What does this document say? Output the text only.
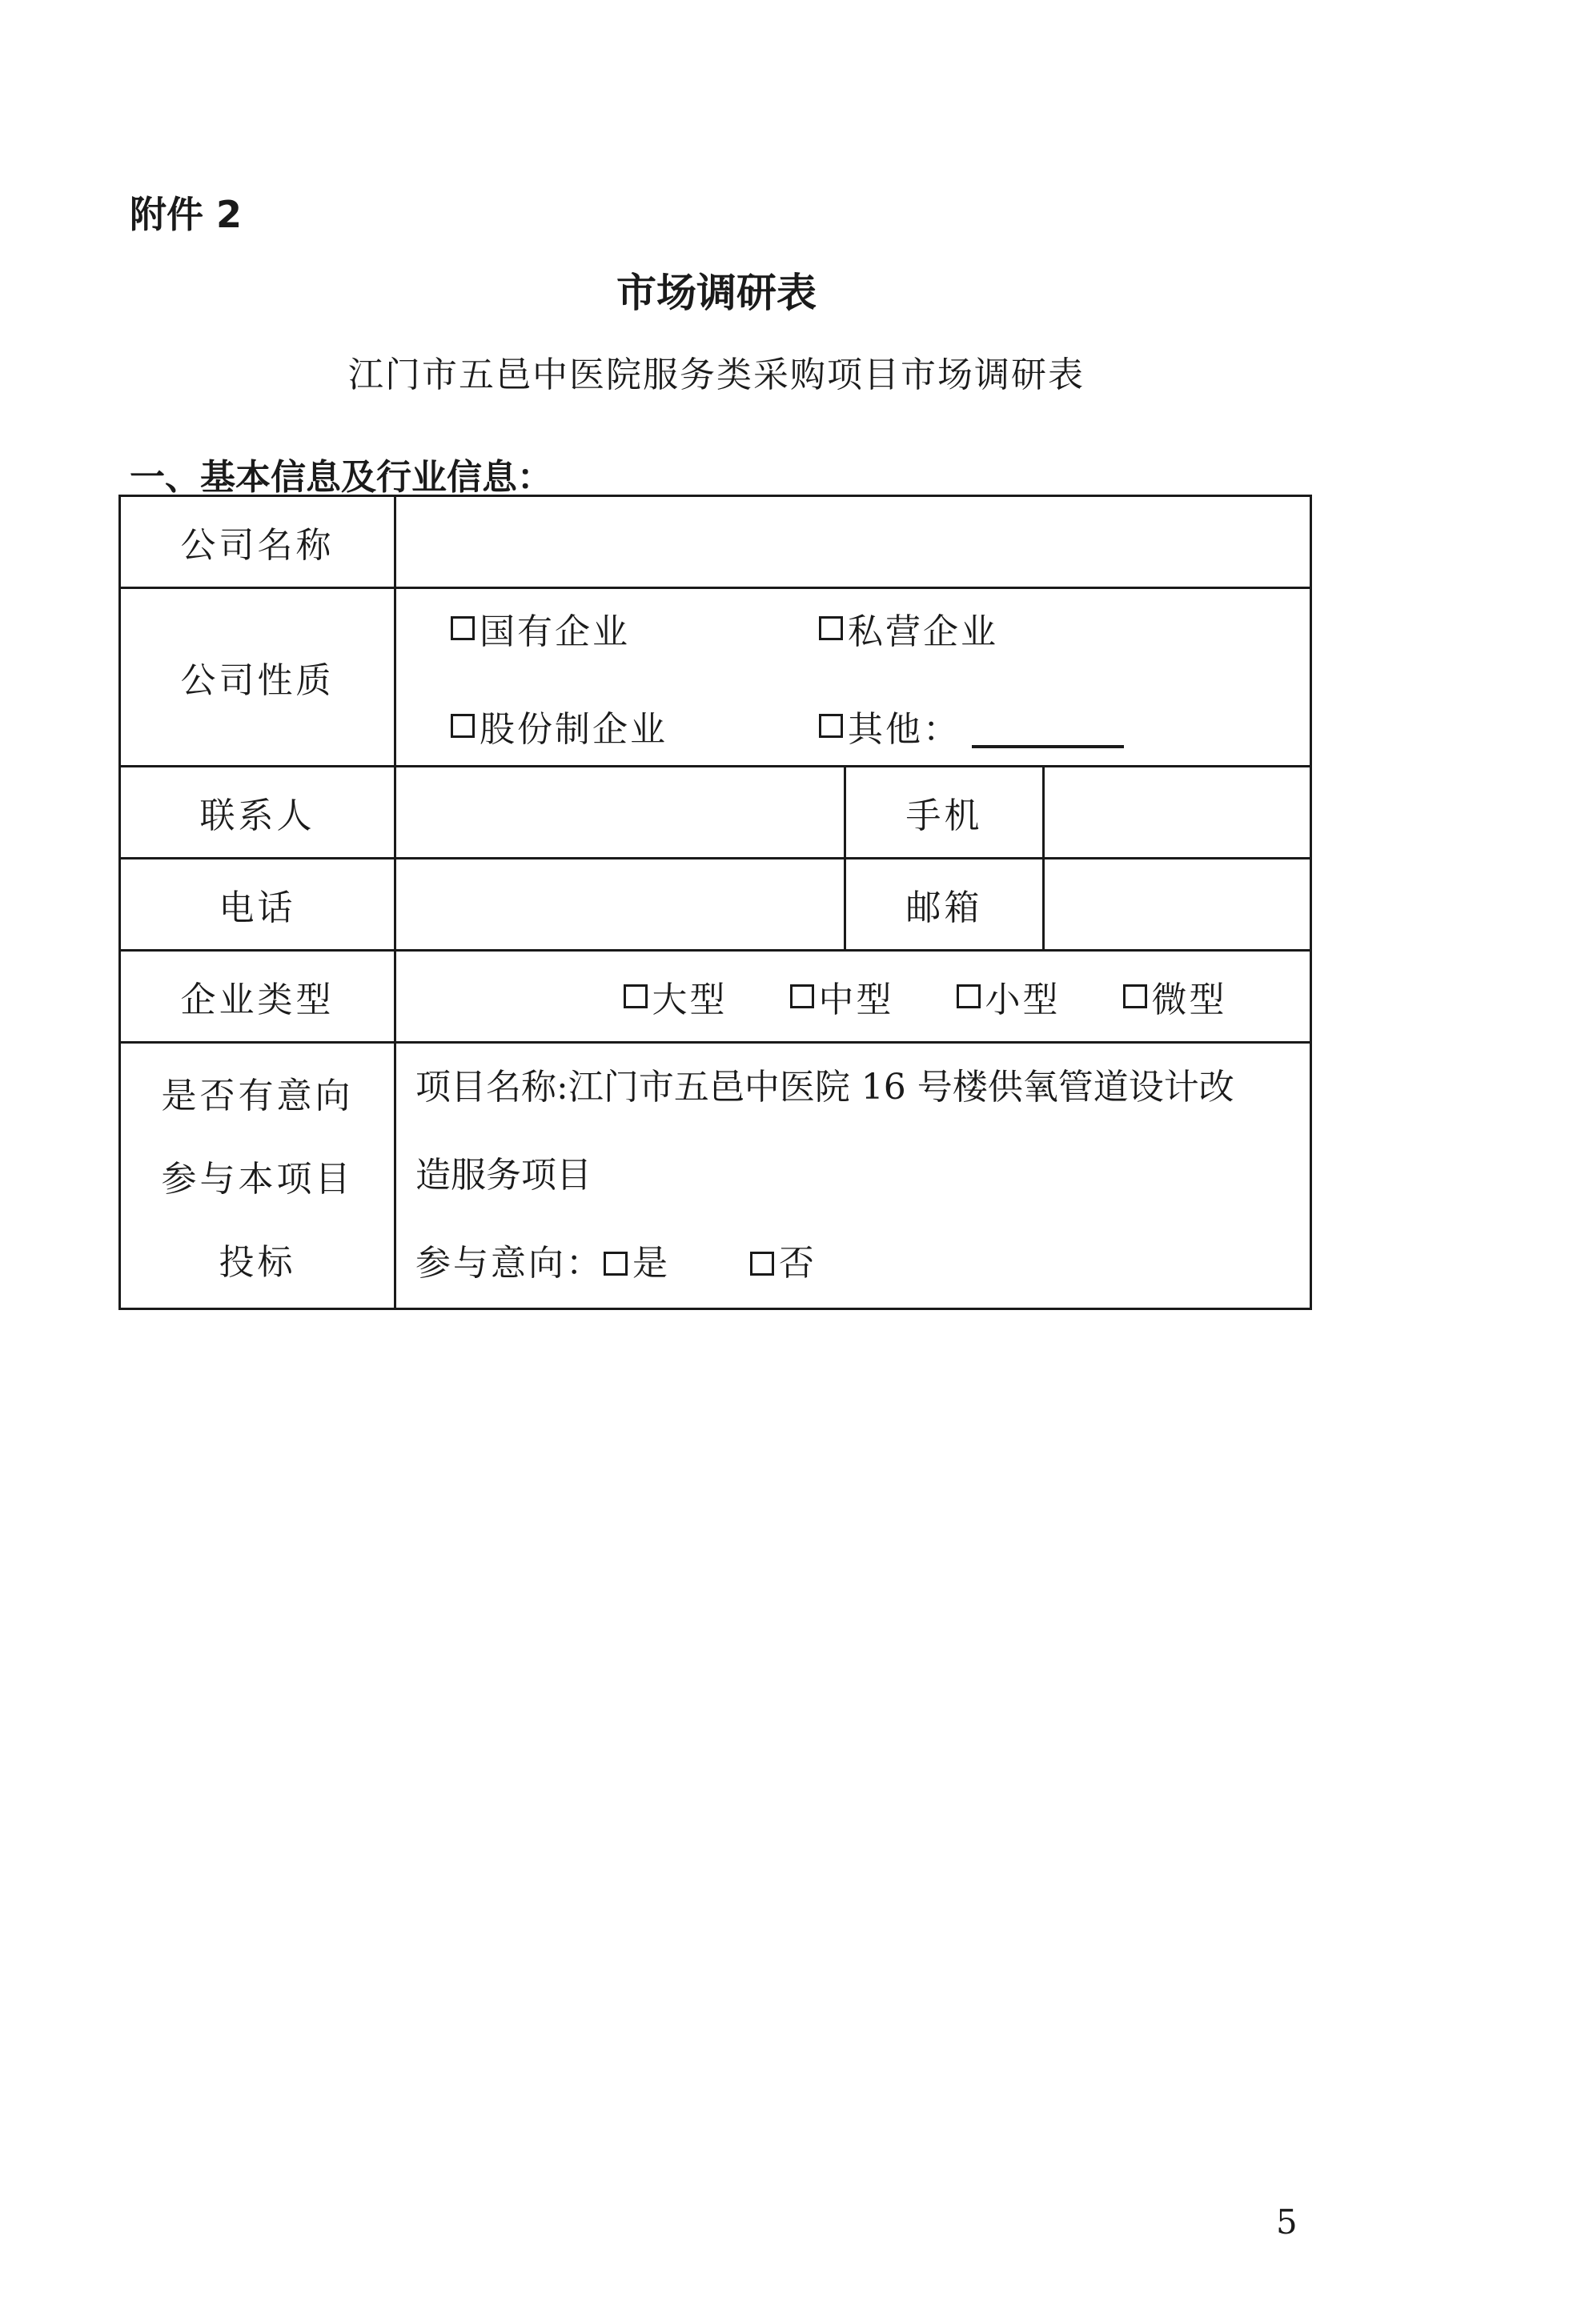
附件 2

市场调研表

江门市五邑中医院服务类采购项目市场调研表

一、基本信息及行业信息：

公司名称			
公司性质	国有企业 私营企业
股份制企业 其他：		

联系人		手机	
电话		邮箱	
企业类型	大型 中型 小型 微型		

是否有意向
参与本项目
投标	项目名称:江门市五邑中医院 16 号楼供氧管道设计改
造服务项目
参与意向： 是 否		

5
